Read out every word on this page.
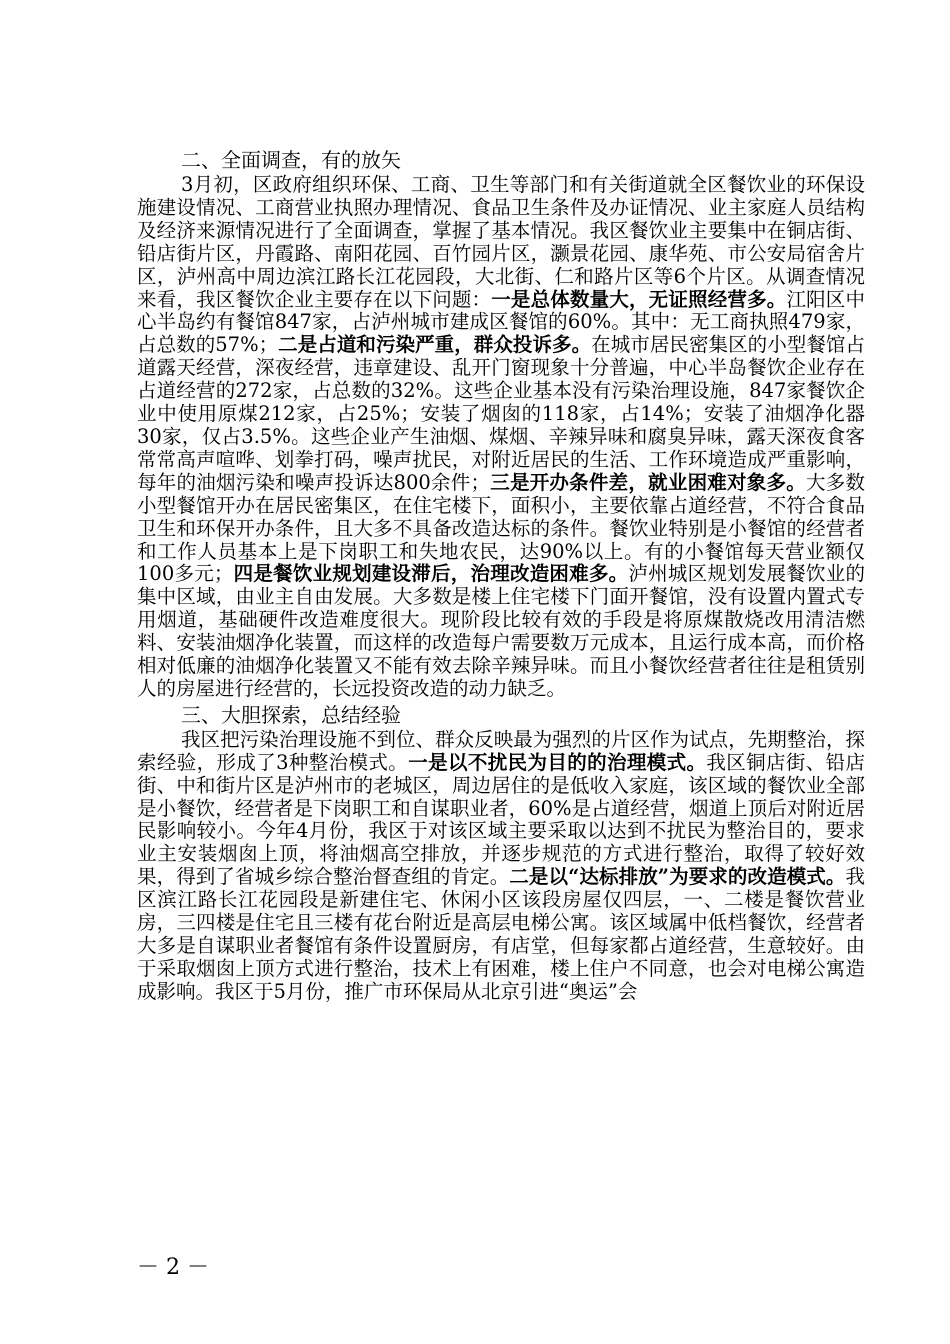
二、全面调查，有的放矢

3月初，区政府组织环保、工商、卫生等部门和有关街道就全区餐饮业的环保设施建设情况、工商营业执照办理情况、食品卫生条件及办证情况、业主家庭人员结构及经济来源情况进行了全面调查，掌握了基本情况。我区餐饮业主要集中在铜店街、铅店街片区，丹霞路、南阳花园、百竹园片区，灏景花园、康华苑、市公安局宿舍片区，泸州高中周边滨江路长江花园段，大北街、仁和路片区等6个片区。从调查情况来看，我区餐饮企业主要存在以下问题：一是总体数量大，无证照经营多。江阳区中心半岛约有餐馆847家，占泸州城市建成区餐馆的60%。其中：无工商执照479家，占总数的57%；二是占道和污染严重，群众投诉多。在城市居民密集区的小型餐馆占道露天经营，深夜经营，违章建设、乱开门窗现象十分普遍，中心半岛餐饮企业存在占道经营的272家，占总数的32%。这些企业基本没有污染治理设施，847家餐饮企业中使用原煤212家，占25%；安装了烟囱的118家，占14%；安装了油烟净化器30家，仅占3.5%。这些企业产生油烟、煤烟、辛辣异味和腐臭异味，露天深夜食客常常高声喧哗、划拳打码，噪声扰民，对附近居民的生活、工作环境造成严重影响，每年的油烟污染和噪声投诉达800余件；三是开办条件差，就业困难对象多。大多数小型餐馆开办在居民密集区，在住宅楼下，面积小，主要依靠占道经营，不符合食品卫生和环保开办条件，且大多不具备改造达标的条件。餐饮业特别是小餐馆的经营者和工作人员基本上是下岗职工和失地农民，达90%以上。有的小餐馆每天营业额仅100多元；四是餐饮业规划建设滞后，治理改造困难多。泸州城区规划发展餐饮业的集中区域，由业主自由发展。大多数是楼上住宅楼下门面开餐馆，没有设置内置式专用烟道，基础硬件改造难度很大。现阶段比较有效的手段是将原煤散烧改用清洁燃料、安装油烟净化装置，而这样的改造每户需要数万元成本，且运行成本高，而价格相对低廉的油烟净化装置又不能有效去除辛辣异味。而且小餐饮经营者往往是租赁别人的房屋进行经营的，长远投资改造的动力缺乏。

三、大胆探索，总结经验

我区把污染治理设施不到位、群众反映最为强烈的片区作为试点，先期整治，探索经验，形成了3种整治模式。一是以不扰民为目的的治理模式。我区铜店街、铅店街、中和街片区是泸州市的老城区，周边居住的是低收入家庭，该区域的餐饮业全部是小餐饮，经营者是下岗职工和自谋职业者，60%是占道经营，烟道上顶后对附近居民影响较小。今年4月份，我区于对该区域主要采取以达到不扰民为整治目的，要求业主安装烟囱上顶，将油烟高空排放，并逐步规范的方式进行整治，取得了较好效果，得到了省城乡综合整治督查组的肯定。二是以“达标排放”为要求的改造模式。我区滨江路长江花园段是新建住宅、休闲小区该段房屋仅四层，一、二楼是餐饮营业房，三四楼是住宅且三楼有花台附近是高层电梯公寓。该区域属中低档餐饮，经营者大多是自谋职业者餐馆有条件设置厨房，有店堂，但每家都占道经营，生意较好。由于采取烟囱上顶方式进行整治，技术上有困难，楼上住户不同意，也会对电梯公寓造成影响。我区于5月份，推广市环保局从北京引进“奥运”会

－ 2 －
